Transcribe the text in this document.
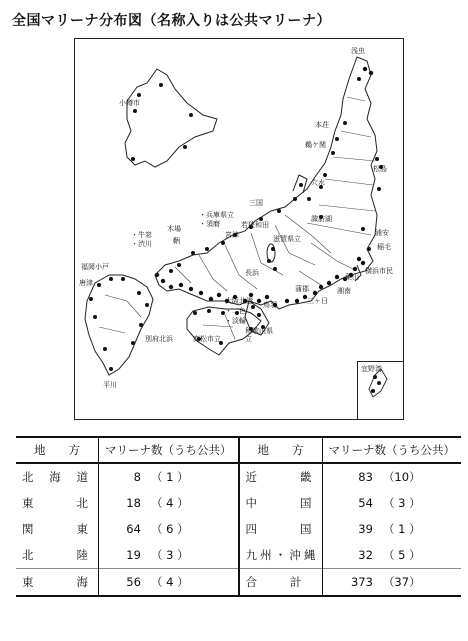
全国マリーナ分布図（名称入りは公共マリーナ）
浅虫
小樽市
本荘
鵜ケ関
松島
穴水
三国
諏訪湖
浦安
稲毛
・兵庫県立
・須磨	若狭和田
宮津	滋賀県立
・牛窓
・渋川
木場
鞆
横浜市民
福岡小戸
唐津
長浜
蒲郡
葉山
湘南
大阪北港
・二色
・淡輪
鳥羽	三ヶ日
和歌山県立
別府北浜	高松市立
平川
宜野湾
地　　方	マリーナ数（うち公共）		地　　方	マリーナ数（うち公共）	
北海道	8	（ 1 ）	近畿	83	（10）
東北	18	（ 4 ）	中国	54	（ 3 ）
関東	64	（ 6 ）	四国	39	（ 1 ）
北陸	19	（ 3 ）	九州・沖縄	32	（ 5 ）
東海	56	（ 4 ）	合計	373	（37）
